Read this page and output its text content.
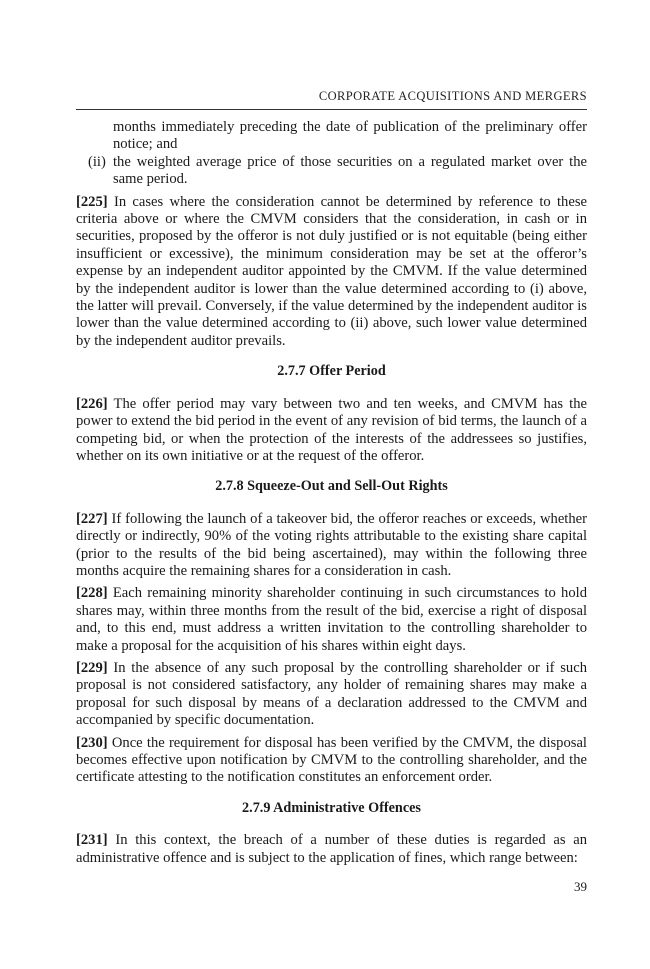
CORPORATE ACQUISITIONS AND MERGERS

months immediately preceding the date of publication of the preliminary offer notice; and

(ii) the weighted average price of those securities on a regulated market over the same period.

[225] In cases where the consideration cannot be determined by reference to these criteria above or where the CMVM considers that the consideration, in cash or in securities, proposed by the offeror is not duly justified or is not equitable (being either insufficient or excessive), the minimum consideration may be set at the offeror’s expense by an independent auditor appointed by the CMVM. If the value determined by the independent auditor is lower than the value determined according to (i) above, the latter will prevail. Conversely, if the value determined by the independent auditor is lower than the value determined according to (ii) above, such lower value determined by the independent auditor prevails.

2.7.7 Offer Period

[226] The offer period may vary between two and ten weeks, and CMVM has the power to extend the bid period in the event of any revision of bid terms, the launch of a competing bid, or when the protection of the interests of the addressees so justifies, whether on its own initiative or at the request of the offeror.

2.7.8 Squeeze-Out and Sell-Out Rights

[227] If following the launch of a takeover bid, the offeror reaches or exceeds, whether directly or indirectly, 90% of the voting rights attributable to the existing share capital (prior to the results of the bid being ascertained), may within the following three months acquire the remaining shares for a consideration in cash.

[228] Each remaining minority shareholder continuing in such circumstances to hold shares may, within three months from the result of the bid, exercise a right of disposal and, to this end, must address a written invitation to the controlling shareholder to make a proposal for the acquisition of his shares within eight days.

[229] In the absence of any such proposal by the controlling shareholder or if such proposal is not considered satisfactory, any holder of remaining shares may make a proposal for such disposal by means of a declaration addressed to the CMVM and accompanied by specific documentation.

[230] Once the requirement for disposal has been verified by the CMVM, the disposal becomes effective upon notification by CMVM to the controlling shareholder, and the certificate attesting to the notification constitutes an enforcement order.

2.7.9 Administrative Offences

[231] In this context, the breach of a number of these duties is regarded as an administrative offence and is subject to the application of fines, which range between:

39
